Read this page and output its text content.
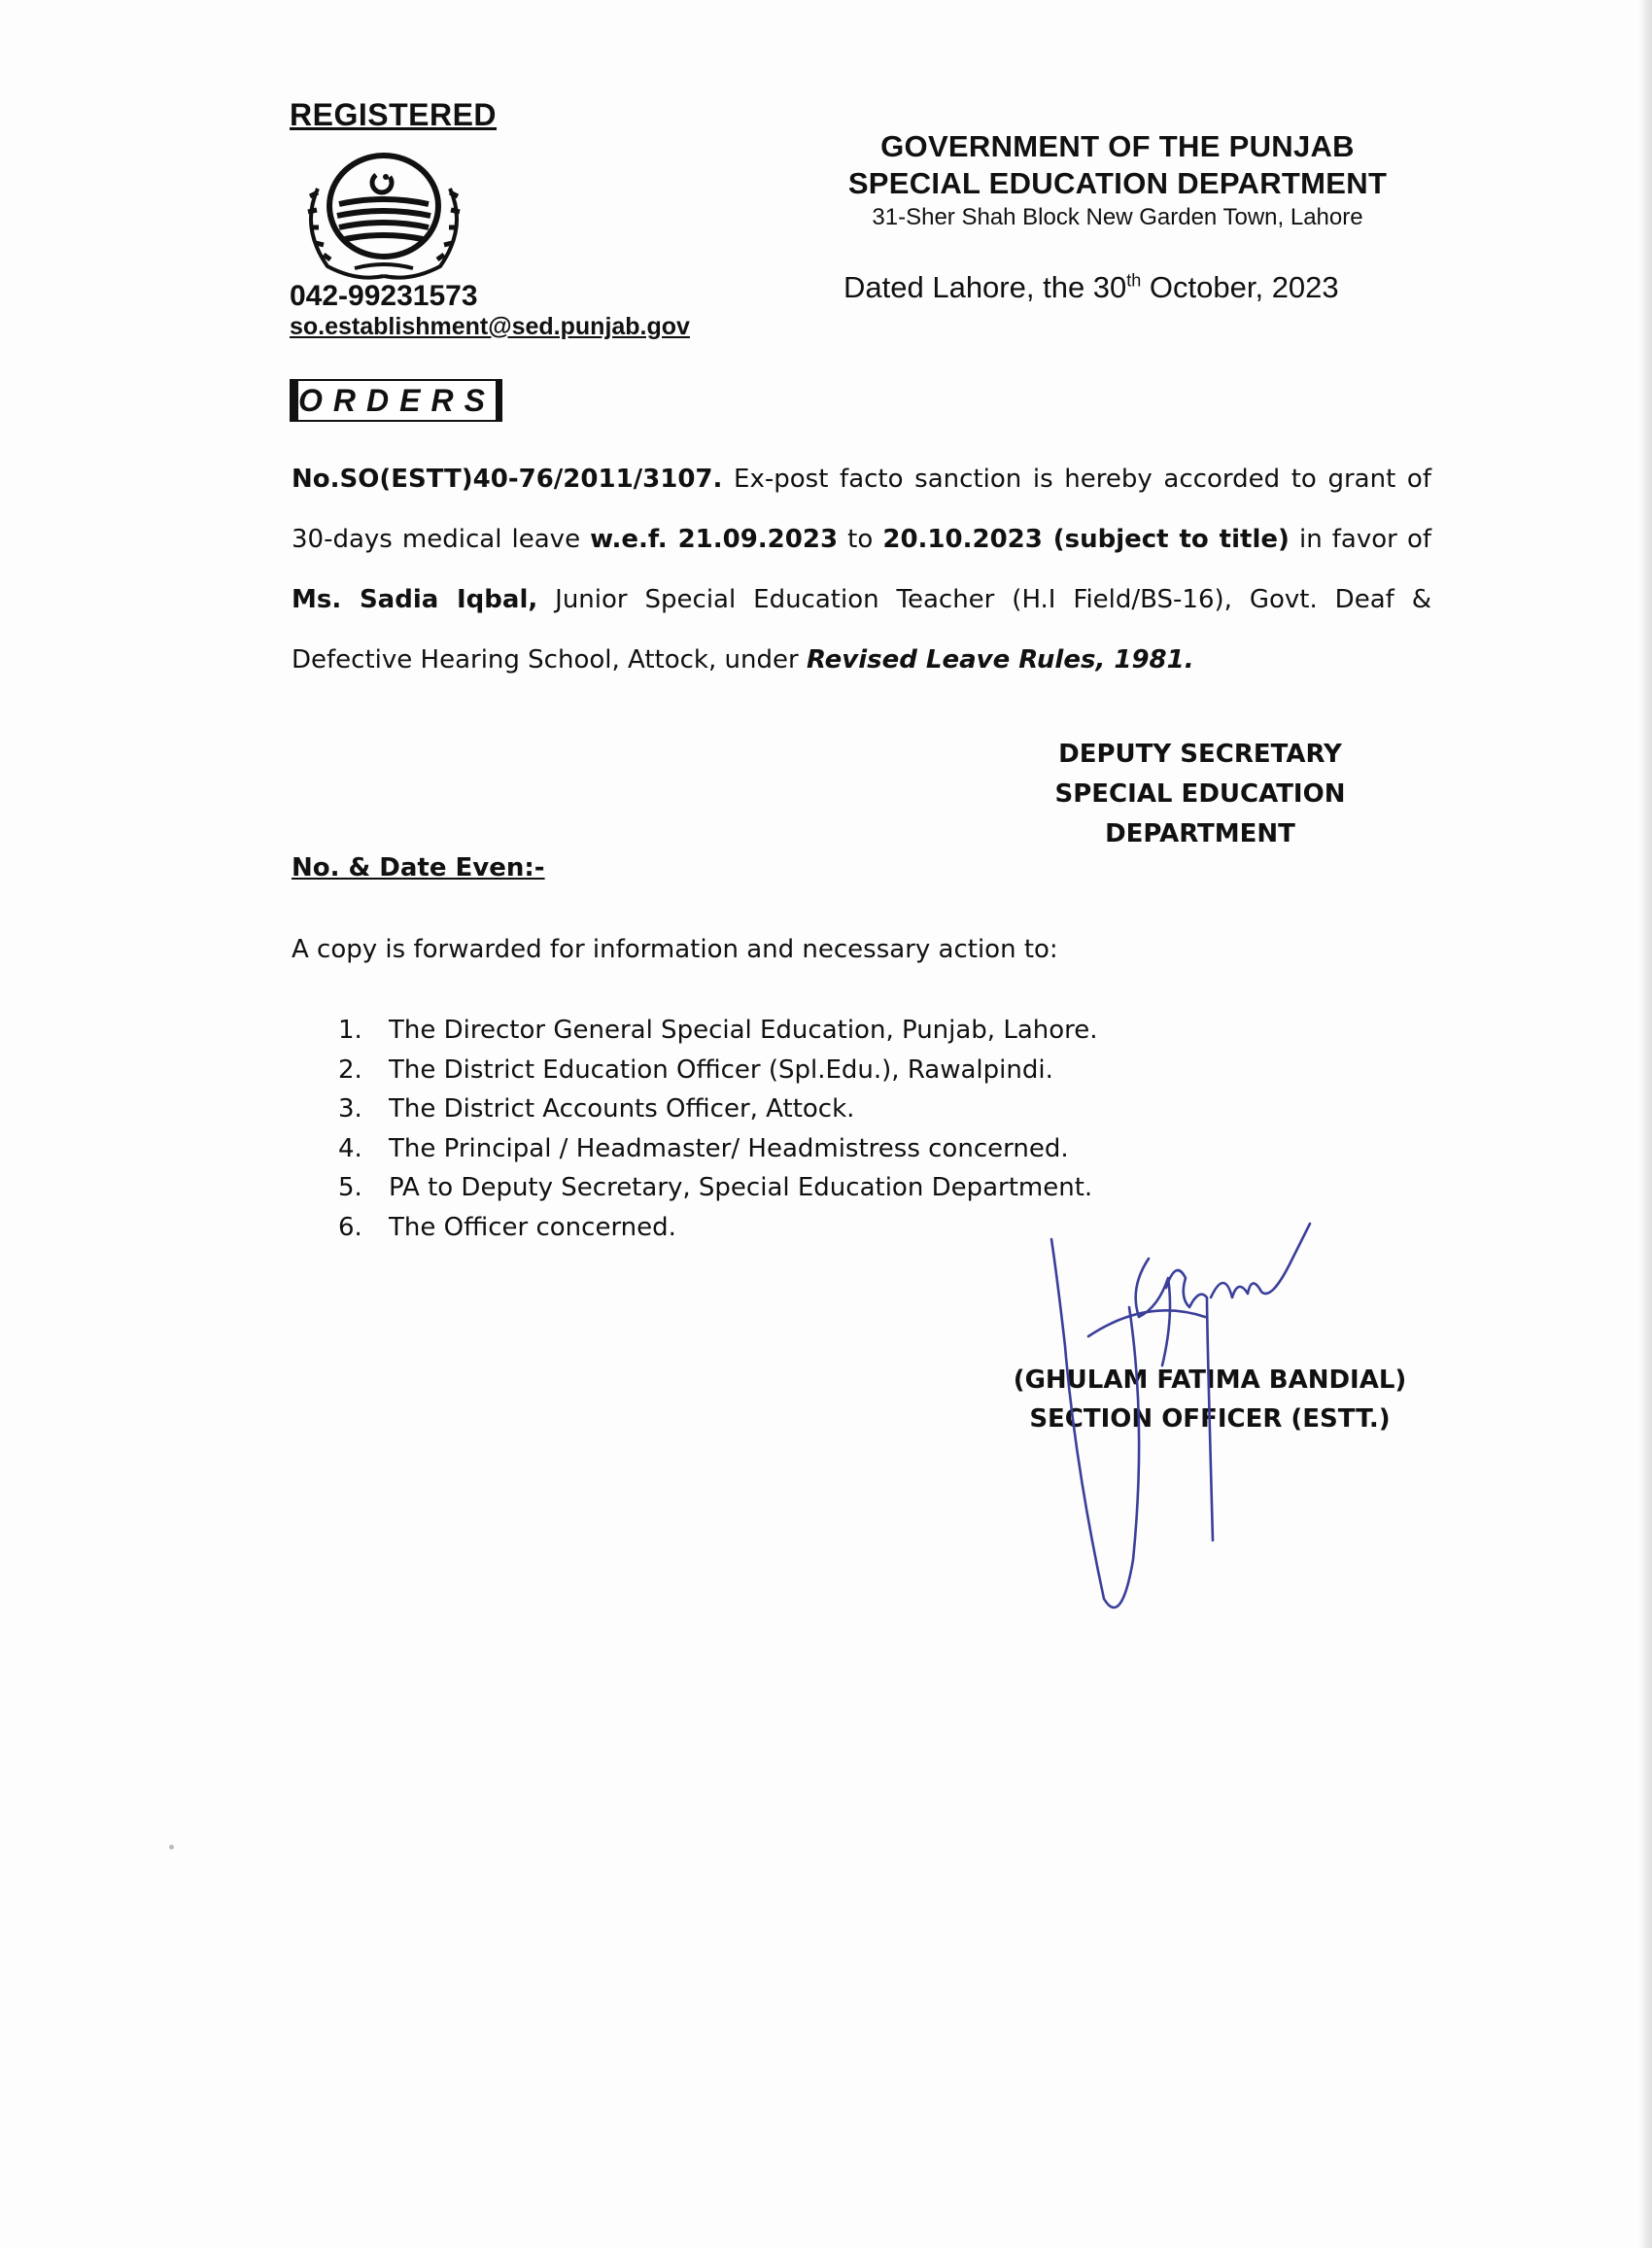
REGISTERED
042-99231573
so.establishment@sed.punjab.gov
GOVERNMENT OF THE PUNJAB
SPECIAL EDUCATION DEPARTMENT
31-Sher Shah Block New Garden Town, Lahore
Dated Lahore, the 30th October, 2023
ORDERS
No.SO(ESTT)40-76/2011/3107. Ex-post facto sanction is hereby accorded to grant of 30-days medical leave w.e.f. 21.09.2023 to 20.10.2023 (subject to title) in favor of Ms. Sadia Iqbal, Junior Special Education Teacher (H.I Field/BS-16), Govt. Deaf & Defective Hearing School, Attock, under Revised Leave Rules, 1981.
DEPUTY SECRETARY
SPECIAL EDUCATION
DEPARTMENT
No. & Date Even:-
A copy is forwarded for information and necessary action to:
1.	The Director General Special Education, Punjab, Lahore.
2.	The District Education Officer (Spl.Edu.), Rawalpindi.
3.	The District Accounts Officer, Attock.
4.	The Principal / Headmaster/ Headmistress concerned.
5.	PA to Deputy Secretary, Special Education Department.
6.	The Officer concerned.
(GHULAM FATIMA BANDIAL)
SECTION OFFICER (ESTT.)
